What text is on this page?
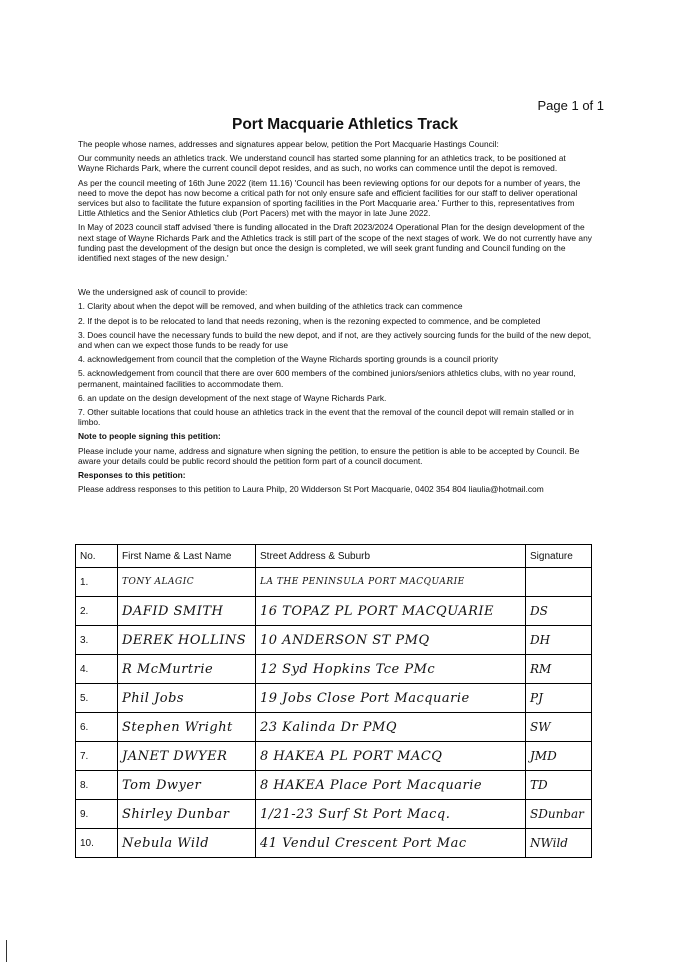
Page 1 of 1
Port Macquarie Athletics Track

The people whose names, addresses and signatures appear below, petition the Port Macquarie Hastings Council:

Our community needs an athletics track. We understand council has started some planning for an athletics track, to be positioned at Wayne Richards Park, where the current council depot resides, and as such, no works can commence until the depot is removed.

As per the council meeting of 16th June 2022 (item 11.16) 'Council has been reviewing options for our depots for a number of years, the need to move the depot has now become a critical path for not only ensure safe and efficient facilities for our staff to deliver operational services but also to facilitate the future expansion of sporting facilities in the Port Macquarie area.' Further to this, representatives from Little Athletics and the Senior Athletics club (Port Pacers) met with the mayor in late June 2022.

In May of 2023 council staff advised 'there is funding allocated in the Draft 2023/2024 Operational Plan for the design development of the next stage of Wayne Richards Park and the Athletics track is still part of the scope of the next stages of work. We do not currently have any funding past the development of the design but once the design is completed, we will seek grant funding and Council funding on the identified next stages of the new design.'

We the undersigned ask of council to provide:

1. Clarity about when the depot will be removed, and when building of the athletics track can commence

2. If the depot is to be relocated to land that needs rezoning, when is the rezoning expected to commence, and be completed

3. Does council have the necessary funds to build the new depot, and if not, are they actively sourcing funds for the build of the new depot, and when can we expect those funds to be ready for use

4. acknowledgement from council that the completion of the Wayne Richards sporting grounds is a council priority

5. acknowledgement from council that there are over 600 members of the combined juniors/seniors athletics clubs, with no year round, permanent, maintained facilities to accommodate them.

6. an update on the design development of the next stage of Wayne Richards Park.

7. Other suitable locations that could house an athletics track in the event that the removal of the council depot will remain stalled or in limbo.

Note to people signing this petition:

Please include your name, address and signature when signing the petition, to ensure the petition is able to be accepted by Council. Be aware your details could be public record should the petition form part of a council document.

Responses to this petition:

Please address responses to this petition to Laura Philp, 20 Widderson St Port Macquarie, 0402 354 804 liaulia@hotmail.com

No.	First Name & Last Name	Street Address & Suburb	Signature
1.	TONY ALAGIC	LA THE PENINSULA PORT MACQUARIE	
2.	DAFID SMITH	16 TOPAZ PL PORT MACQUARIE	DS
3.	DEREK HOLLINS	10 ANDERSON ST PMQ	DH
4.	R McMurtrie	12 Syd Hopkins Tce PMc	RM
5.	Phil Jobs	19 Jobs Close Port Macquarie	PJ
6.	Stephen Wright	23 Kalinda Dr PMQ	SW
7.	JANET DWYER	8 HAKEA PL PORT MACQ	JMD
8.	Tom Dwyer	8 HAKEA Place Port Macquarie	TD
9.	Shirley Dunbar	1/21-23 Surf St Port Macq.	SDunbar
10.	Nebula Wild	41 Vendul Crescent Port Mac	NWild
